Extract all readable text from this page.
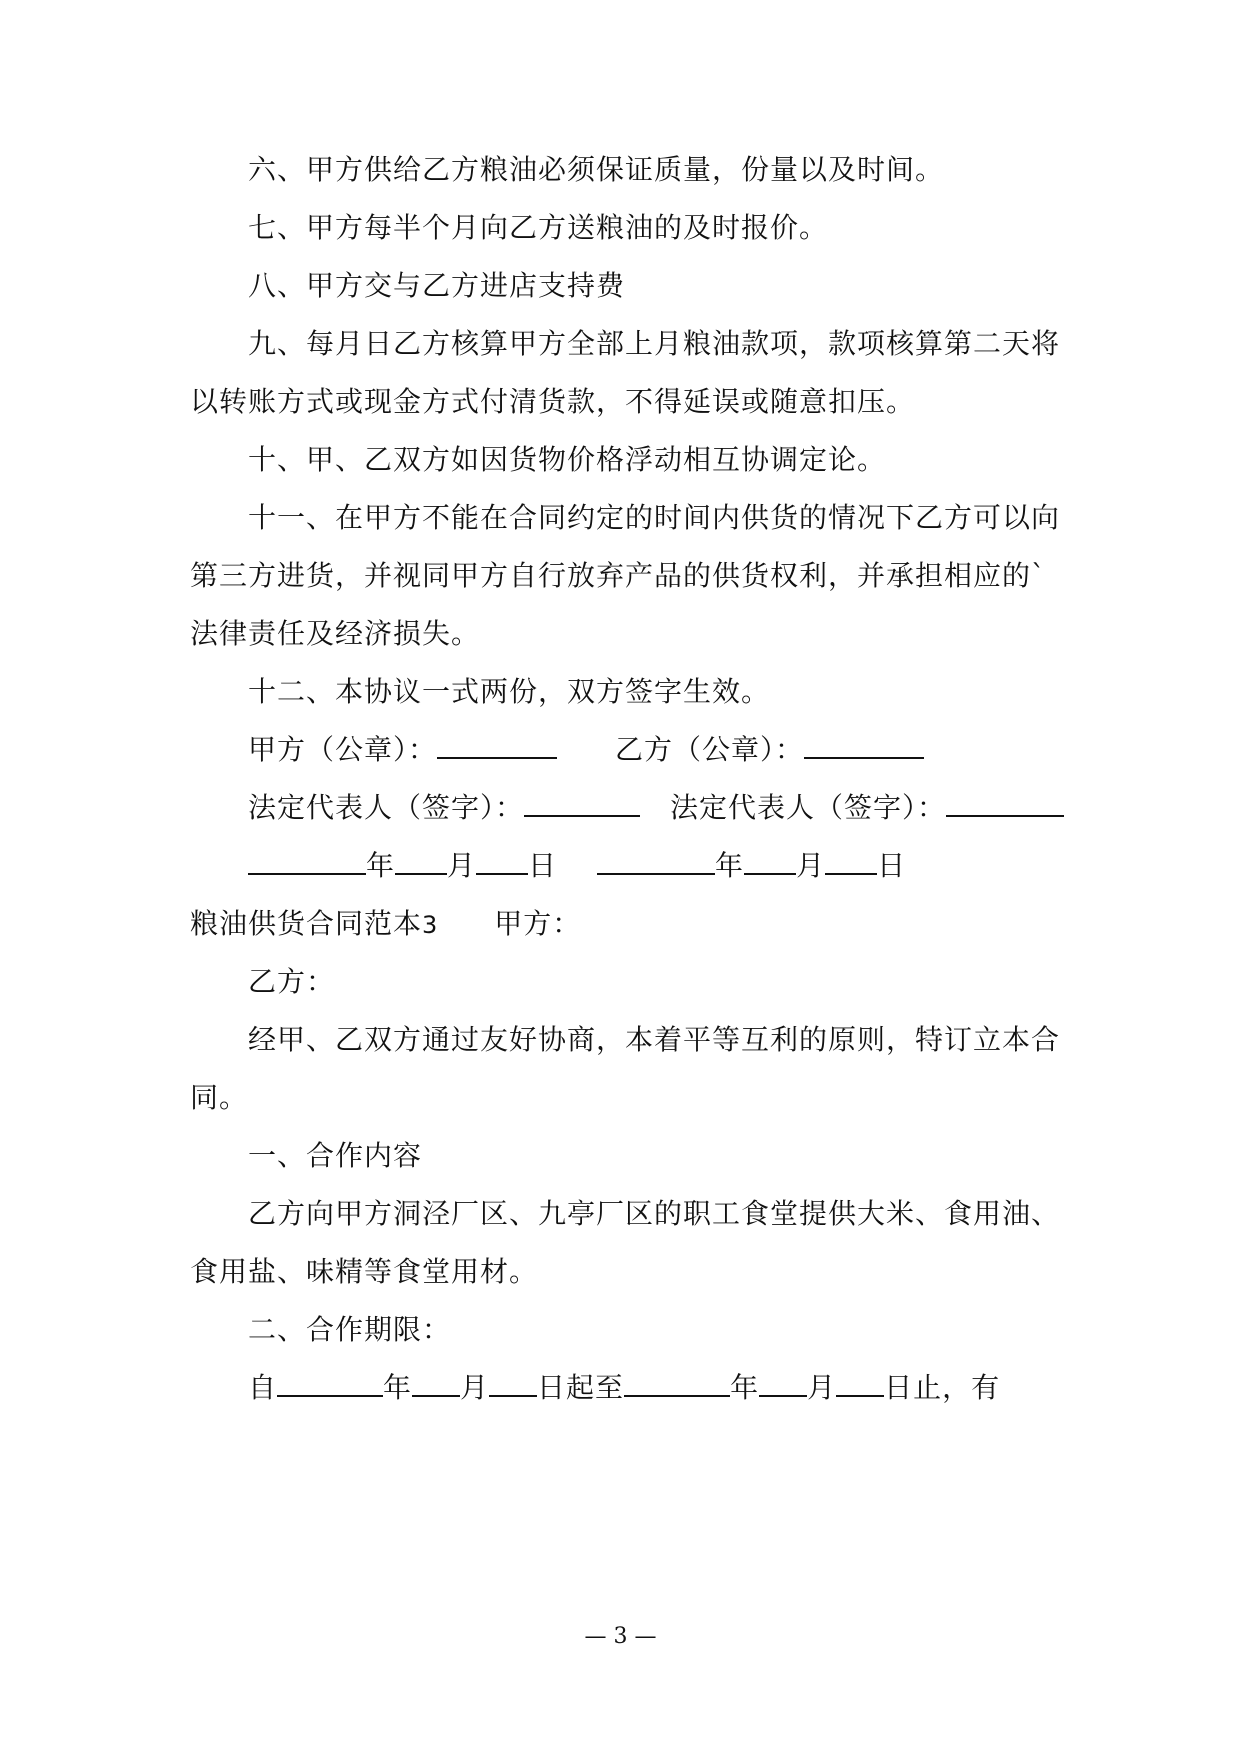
六、甲方供给乙方粮油必须保证质量，份量以及时间。
七、甲方每半个月向乙方送粮油的及时报价。
八、甲方交与乙方进店支持费
九、每月日乙方核算甲方全部上月粮油款项，款项核算第二天将
以转账方式或现金方式付清货款，不得延误或随意扣压。
十、甲、乙双方如因货物价格浮动相互协调定论。
十一、在甲方不能在合同约定的时间内供货的情况下乙方可以向
第三方进货，并视同甲方自行放弃产品的供货权利，并承担相应的`
法律责任及经济损失。
十二、本协议一式两份，双方签字生效。
甲方（公章）：	乙方（公章）：
法定代表人（签字）：	法定代表人（签字）：
年 月 日	年 月 日
粮油供货合同范本3 甲方：
乙方：
经甲、乙双方通过友好协商，本着平等互利的原则，特订立本合
同。
一、合作内容
乙方向甲方洞泾厂区、九亭厂区的职工食堂提供大米、食用油、
食用盐、味精等食堂用材。
二、合作期限：
自	年 月 日起至	年 月 日止，有
— 3 —
